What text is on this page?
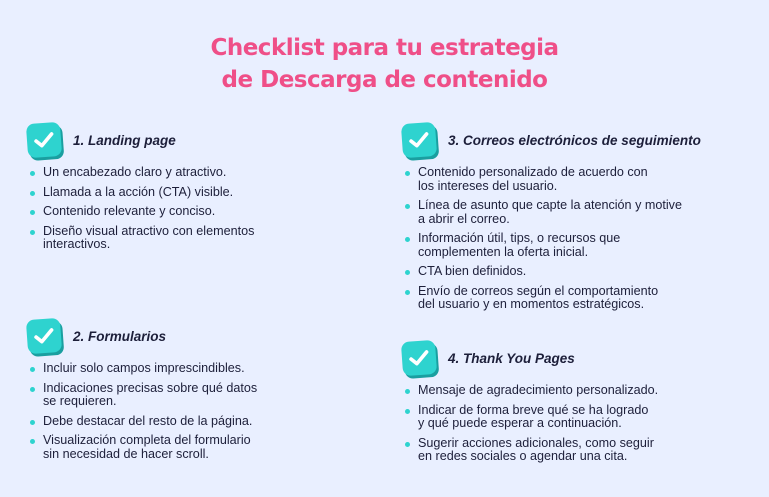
Checklist para tu estrategia
de Descarga de contenido
1. Landing page
Un encabezado claro y atractivo.
Llamada a la acción (CTA) visible.
Contenido relevante y conciso.
Diseño visual atractivo con elementos
interactivos.
2. Formularios
Incluir solo campos imprescindibles.
Indicaciones precisas sobre qué datos
se requieren.
Debe destacar del resto de la página.
Visualización completa del formulario
sin necesidad de hacer scroll.
3. Correos electrónicos de seguimiento
Contenido personalizado de acuerdo con
los intereses del usuario.
Línea de asunto que capte la atención y motive
a abrir el correo.
Información útil, tips, o recursos que
complementen la oferta inicial.
CTA bien definidos.
Envío de correos según el comportamiento
del usuario y en momentos estratégicos.
4. Thank You Pages
Mensaje de agradecimiento personalizado.
Indicar de forma breve qué se ha logrado
y qué puede esperar a continuación.
Sugerir acciones adicionales, como seguir
en redes sociales o agendar una cita.
